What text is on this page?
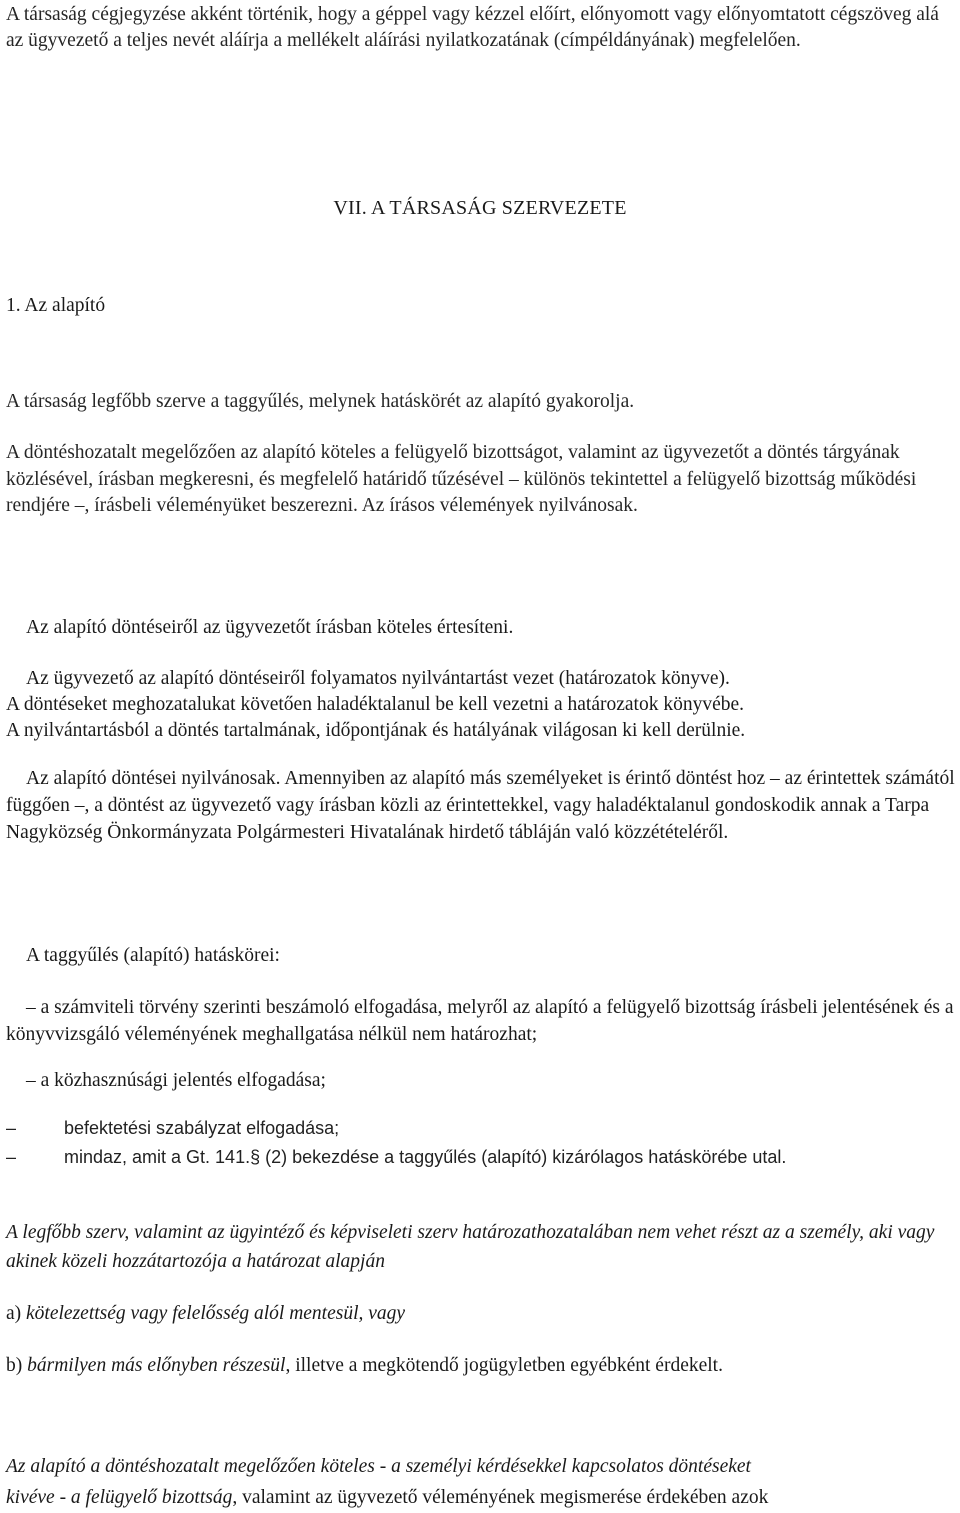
A társaság cégjegyzése akként történik, hogy a géppel vagy kézzel előírt, előnyomott vagy előnyomtatott cégszöveg alá az ügyvezető a teljes nevét aláírja a mellékelt aláírási nyilatkozatának (címpéldányának) megfelelően.

VII. A TÁRSASÁG SZERVEZETE

1. Az alapító

A társaság legfőbb szerve a taggyűlés, melynek hatáskörét az alapító gyakorolja.

A döntéshozatalt megelőzően az alapító köteles a felügyelő bizottságot, valamint az ügyvezetőt a döntés tárgyának közlésével, írásban megkeresni, és megfelelő határidő tűzésével – különös tekintettel a felügyelő bizottság működési rendjére –, írásbeli véleményüket beszerezni. Az írásos vélemények nyilvánosak.

Az alapító döntéseiről az ügyvezetőt írásban köteles értesíteni.

Az ügyvezető az alapító döntéseiről folyamatos nyilvántartást vezet (határozatok könyve).

A döntéseket meghozatalukat követően haladéktalanul be kell vezetni a határozatok könyvébe.

A nyilvántartásból a döntés tartalmának, időpontjának és hatályának világosan ki kell derülnie.

Az alapító döntései nyilvánosak. Amennyiben az alapító más személyeket is érintő döntést hoz – az érintettek számától függően –, a döntést az ügyvezető vagy írásban közli az érintettekkel, vagy haladéktalanul gondoskodik annak a Tarpa Nagyközség Önkormányzata Polgármesteri Hivatalának hirdető tábláján való közzétételéről.

A taggyűlés (alapító) hatáskörei:

– a számviteli törvény szerinti beszámoló elfogadása, melyről az alapító a felügyelő bizottság írásbeli jelentésének és a könyvvizsgáló véleményének meghallgatása nélkül nem határozhat;

– a közhasznúsági jelentés elfogadása;

–	befektetési szabályzat elfogadása;
–	mindaz, amit a Gt. 141.§ (2) bekezdése a taggyűlés (alapító) kizárólagos hatáskörébe utal.

A legfőbb szerv, valamint az ügyintéző és képviseleti szerv határozathozatalában nem vehet részt az a személy, aki vagy akinek közeli hozzátartozója a határozat alapján

a) kötelezettség vagy felelősség alól mentesül, vagy

b) bármilyen más előnyben részesül, illetve a megkötendő jogügyletben egyébként érdekelt.

Az alapító a döntéshozatalt megelőzően köteles - a személyi kérdésekkel kapcsolatos döntéseket

kivéve - a felügyelő bizottság, valamint az ügyvezető véleményének megismerése érdekében azok
